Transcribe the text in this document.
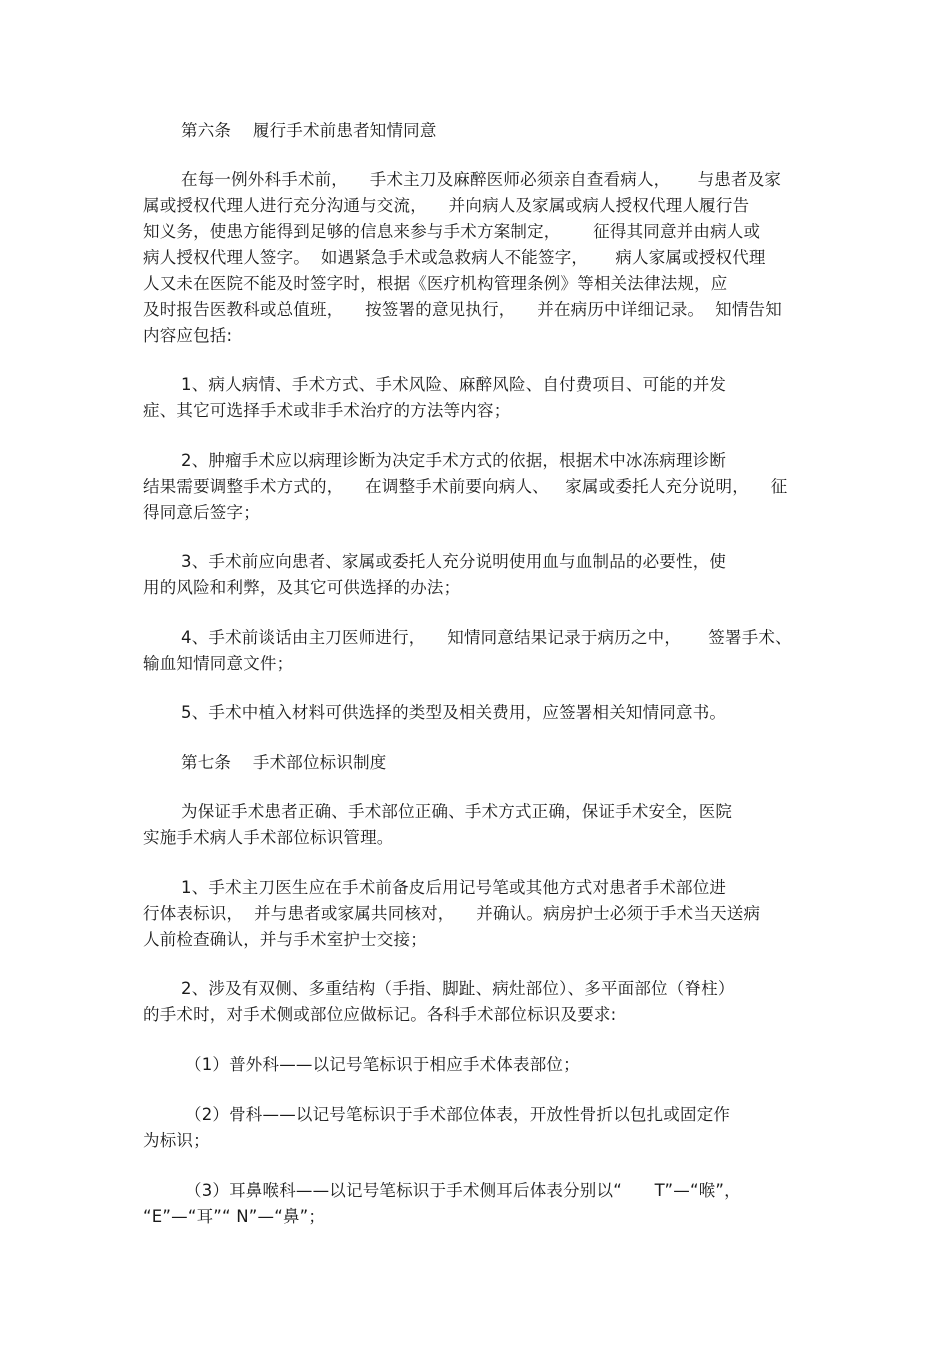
第六条    履行手术前患者知情同意

在每一例外科手术前，    手术主刀及麻醉医师必须亲自查看病人，     与患者及家

属或授权代理人进行充分沟通与交流，    并向病人及家属或病人授权代理人履行告

知义务，使患方能得到足够的信息来参与手术方案制定，      征得其同意并由病人或

病人授权代理人签字。  如遇紧急手术或急救病人不能签字，     病人家属或授权代理

人又未在医院不能及时签字时，根据《医疗机构管理条例》等相关法律法规，应

及时报告医教科或总值班，    按签署的意见执行，    并在病历中详细记录。  知情告知

内容应包括:

1、病人病情、手术方式、手术风险、麻醉风险、自付费项目、可能的并发

症、其它可选择手术或非手术治疗的方法等内容；

2、肿瘤手术应以病理诊断为决定手术方式的依据，根据术中冰冻病理诊断

结果需要调整手术方式的，    在调整手术前要向病人、   家属或委托人充分说明，    征

得同意后签字；

3、手术前应向患者、家属或委托人充分说明使用血与血制品的必要性，使

用的风险和利弊，及其它可供选择的办法；

4、手术前谈话由主刀医师进行，    知情同意结果记录于病历之中，     签署手术、

输血知情同意文件；

5、手术中植入材料可供选择的类型及相关费用，应签署相关知情同意书。

第七条    手术部位标识制度

为保证手术患者正确、手术部位正确、手术方式正确，保证手术安全，医院

实施手术病人手术部位标识管理。

1、手术主刀医生应在手术前备皮后用记号笔或其他方式对患者手术部位进

行体表标识，  并与患者或家属共同核对，    并确认。病房护士必须于手术当天送病

人前检查确认，并与手术室护士交接；

2、涉及有双侧、多重结构（手指、脚趾、病灶部位）、多平面部位（脊柱）

的手术时，对手术侧或部位应做标记。各科手术部位标识及要求:

（1）普外科——以记号笔标识于相应手术体表部位；

（2）骨科——以记号笔标识于手术部位体表，开放性骨折以包扎或固定作

为标识；

（3）耳鼻喉科——以记号笔标识于手术侧耳后体表分别以“      T”—“喉”，

“E”—“耳”“ N”—“鼻”；
